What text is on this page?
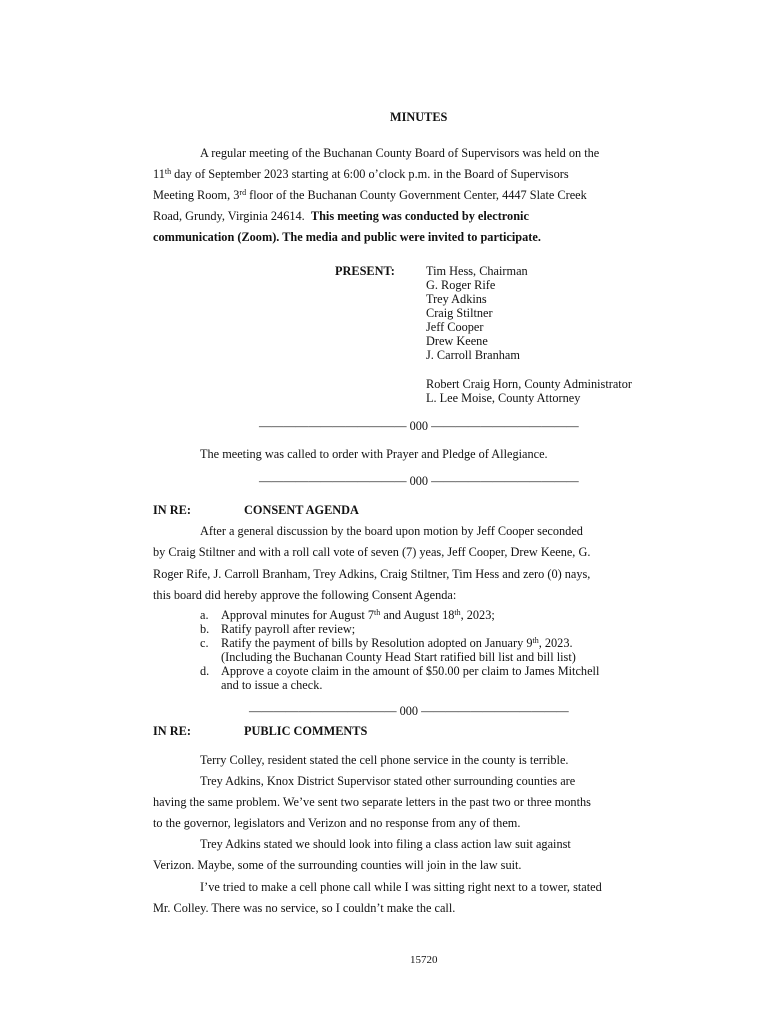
MINUTES
A regular meeting of the Buchanan County Board of Supervisors was held on the
11th day of September 2023 starting at 6:00 o’clock p.m. in the Board of Supervisors
Meeting Room, 3rd floor of the Buchanan County Government Center, 4447 Slate Creek
Road, Grundy, Virginia 24614.  This meeting was conducted by electronic
communication (Zoom). The media and public were invited to participate.
PRESENT:	Tim Hess, Chairman
G. Roger Rife
Trey Adkins
Craig Stiltner
Jeff Cooper
Drew Keene
J. Carroll Branham
Robert Craig Horn, County Administrator
L. Lee Moise, County Attorney
———————————— 000 ————————————
The meeting was called to order with Prayer and Pledge of Allegiance.
———————————— 000 ————————————
IN RE:	CONSENT AGENDA
After a general discussion by the board upon motion by Jeff Cooper seconded
by Craig Stiltner and with a roll call vote of seven (7) yeas, Jeff Cooper, Drew Keene, G.
Roger Rife, J. Carroll Branham, Trey Adkins, Craig Stiltner, Tim Hess and zero (0) nays,
this board did hereby approve the following Consent Agenda:
a. Approval minutes for August 7th and August 18th, 2023;
b. Ratify payroll after review;
c. Ratify the payment of bills by Resolution adopted on January 9th, 2023.
(Including the Buchanan County Head Start ratified bill list and bill list)
d. Approve a coyote claim in the amount of $50.00 per claim to James Mitchell
and to issue a check.
———————————— 000 ————————————
IN RE:	PUBLIC COMMENTS
Terry Colley, resident stated the cell phone service in the county is terrible.
Trey Adkins, Knox District Supervisor stated other surrounding counties are
having the same problem. We’ve sent two separate letters in the past two or three months
to the governor, legislators and Verizon and no response from any of them.
Trey Adkins stated we should look into filing a class action law suit against
Verizon. Maybe, some of the surrounding counties will join in the law suit.
I’ve tried to make a cell phone call while I was sitting right next to a tower, stated
Mr. Colley. There was no service, so I couldn’t make the call.
15720
